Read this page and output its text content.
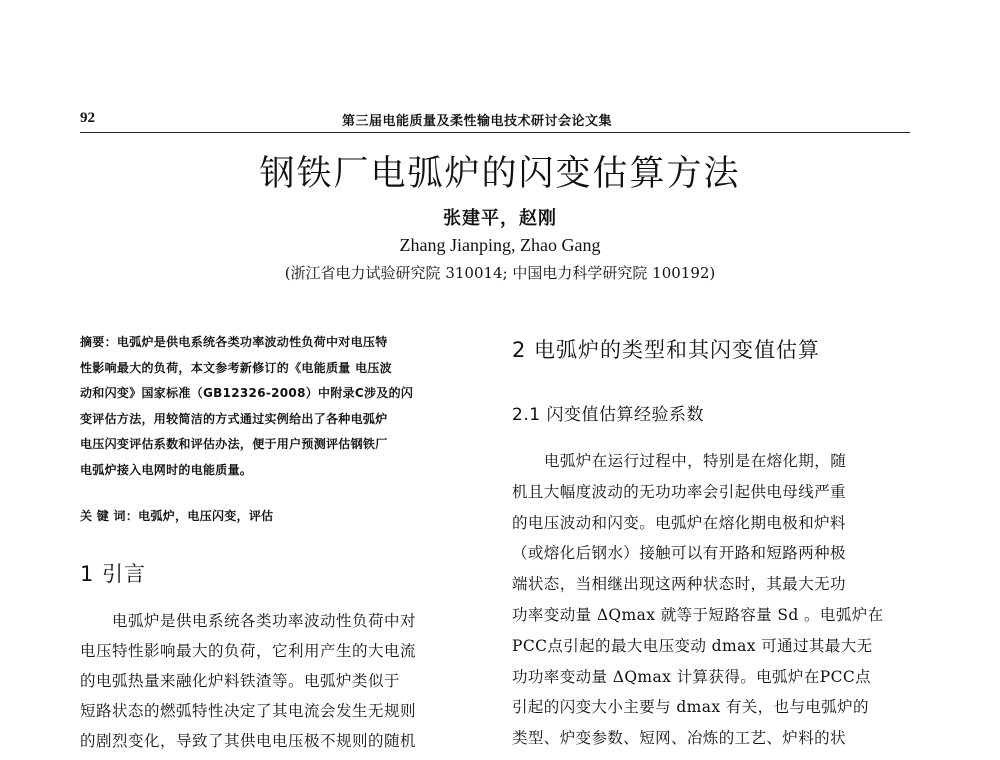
92	第三届电能质量及柔性输电技术研讨会论文集
钢铁厂电弧炉的闪变估算方法
张建平，赵刚
Zhang Jianping, Zhao Gang
(浙江省电力试验研究院 310014; 中国电力科学研究院 100192)
摘要：电弧炉是供电系统各类功率波动性负荷中对电压特
性影响最大的负荷，本文参考新修订的《电能质量 电压波
动和闪变》国家标准（GB12326-2008）中附录C涉及的闪
变评估方法，用较简洁的方式通过实例给出了各种电弧炉
电压闪变评估系数和评估办法，便于用户预测评估钢铁厂
电弧炉接入电网时的电能质量。
关 键 词：电弧炉，电压闪变，评估
1 引言
电弧炉是供电系统各类功率波动性负荷中对
电压特性影响最大的负荷，它利用产生的大电流
的电弧热量来融化炉料铁渣等。电弧炉类似于
短路状态的燃弧特性决定了其电流会发生无规则
的剧烈变化，导致了其供电电压极不规则的随机
2 电弧炉的类型和其闪变值估算
2.1 闪变值估算经验系数
电弧炉在运行过程中，特别是在熔化期，随
机且大幅度波动的无功功率会引起供电母线严重
的电压波动和闪变。电弧炉在熔化期电极和炉料
（或熔化后钢水）接触可以有开路和短路两种极
端状态，当相继出现这两种状态时，其最大无功
功率变动量 ΔQmax 就等于短路容量 Sd 。电弧炉在
PCC点引起的最大电压变动 dmax 可通过其最大无
功功率变动量 ΔQmax 计算获得。电弧炉在PCC点
引起的闪变大小主要与 dmax 有关，也与电弧炉的
类型、炉变参数、短网、冶炼的工艺、炉料的状
